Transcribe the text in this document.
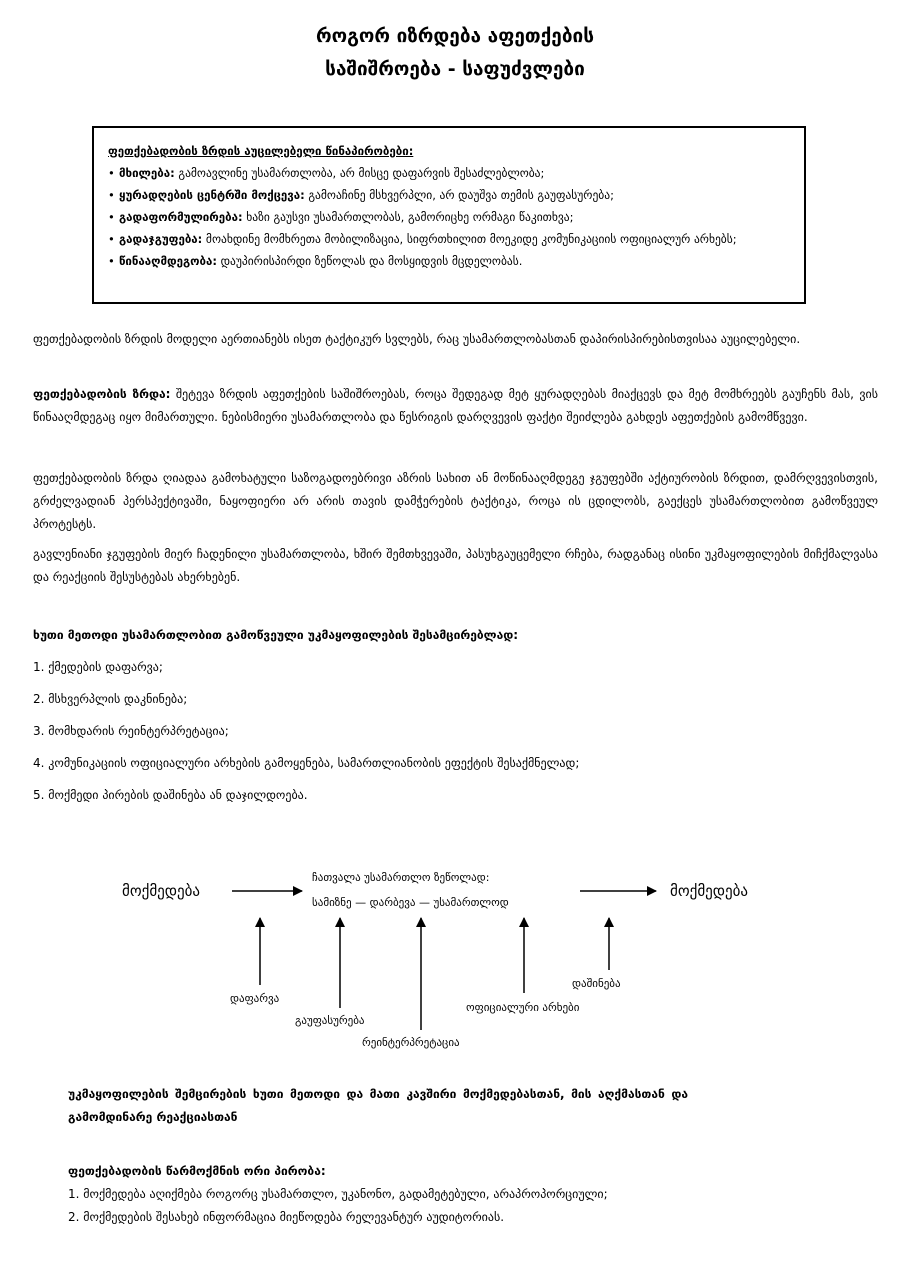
როგორ იზრდება აფეთქების
საშიშროება - საფუძვლები
ფეთქებადობის ზრდის აუცილებელი წინაპირობები:
• მხილება: გამოავლინე უსამართლობა, არ მისცე დაფარვის შესაძლებლობა;
• ყურადღების ცენტრში მოქცევა: გამოაჩინე მსხვერპლი, არ დაუშვა თემის გაუფასურება;
• გადაფორმულირება: ხაზი გაუსვი უსამართლობას, გამორიცხე ორმაგი წაკითხვა;
• გადაჯგუფება: მოახდინე მომხრეთა მობილიზაცია, სიფრთხილით მოეკიდე კომუნიკაციის ოფიციალურ არხებს;
• წინააღმდეგობა: დაუპირისპირდი ზეწოლას და მოსყიდვის მცდელობას.
ფეთქებადობის ზრდის მოდელი აერთიანებს ისეთ ტაქტიკურ სვლებს, რაც უსამართლობასთან დაპირისპირებისთვისაა აუცილებელი.
ფეთქებადობის ზრდა: შეტევა ზრდის აფეთქების საშიშროებას, როცა შედეგად მეტ ყურადღებას მიაქცევს და მეტ მომხრეებს გაუჩენს მას, ვის წინააღმდეგაც იყო მიმართული. ნებისმიერი უსამართლობა და წესრიგის დარღვევის ფაქტი შეიძლება გახდეს აფეთქების გამომწვევი.
ფეთქებადობის ზრდა ღიადაა გამოხატული საზოგადოებრივი აზრის სახით ან მოწინააღმდეგე ჯგუფებში აქტიურობის ზრდით, დამრღვევისთვის, გრძელვადიან პერსპექტივაში, ნაყოფიერი არ არის თავის დამჭერების ტაქტიკა, როცა ის ცდილობს, გაექცეს უსამართლობით გამოწვეულ პროტესტს.
გავლენიანი ჯგუფების მიერ ჩადენილი უსამართლობა, ხშირ შემთხვევაში, პასუხგაუცემელი რჩება, რადგანაც ისინი უკმაყოფილების მიჩქმალვასა და რეაქციის შესუსტებას ახერხებენ.
ხუთი მეთოდი უსამართლობით გამოწვეული უკმაყოფილების შესამცირებლად:
1. ქმედების დაფარვა;
2. მსხვერპლის დაკნინება;
3. მომხდარის რეინტერპრეტაცია;
4. კომუნიკაციის ოფიციალური არხების გამოყენება, სამართლიანობის ეფექტის შესაქმნელად;
5. მოქმედი პირების დაშინება ან დაჯილდოება.
მოქმედება	მოქმედება
ჩათვალა უსამართლო ზეწოლად:
სამიზნე — დარბევა — უსამართლოდ
დაფარვა
გაუფასურება
რეინტერპრეტაცია
ოფიციალური არხები
დაშინება
უკმაყოფილების შემცირების ხუთი მეთოდი და მათი კავშირი მოქმედებასთან, მის აღქმასთან და გამომდინარე რეაქციასთან
ფეთქებადობის წარმოქმნის ორი პირობა:
1. მოქმედება აღიქმება როგორც უსამართლო, უკანონო, გადამეტებული, არაპროპორციული;
2. მოქმედების შესახებ ინფორმაცია მიეწოდება რელევანტურ აუდიტორიას.
